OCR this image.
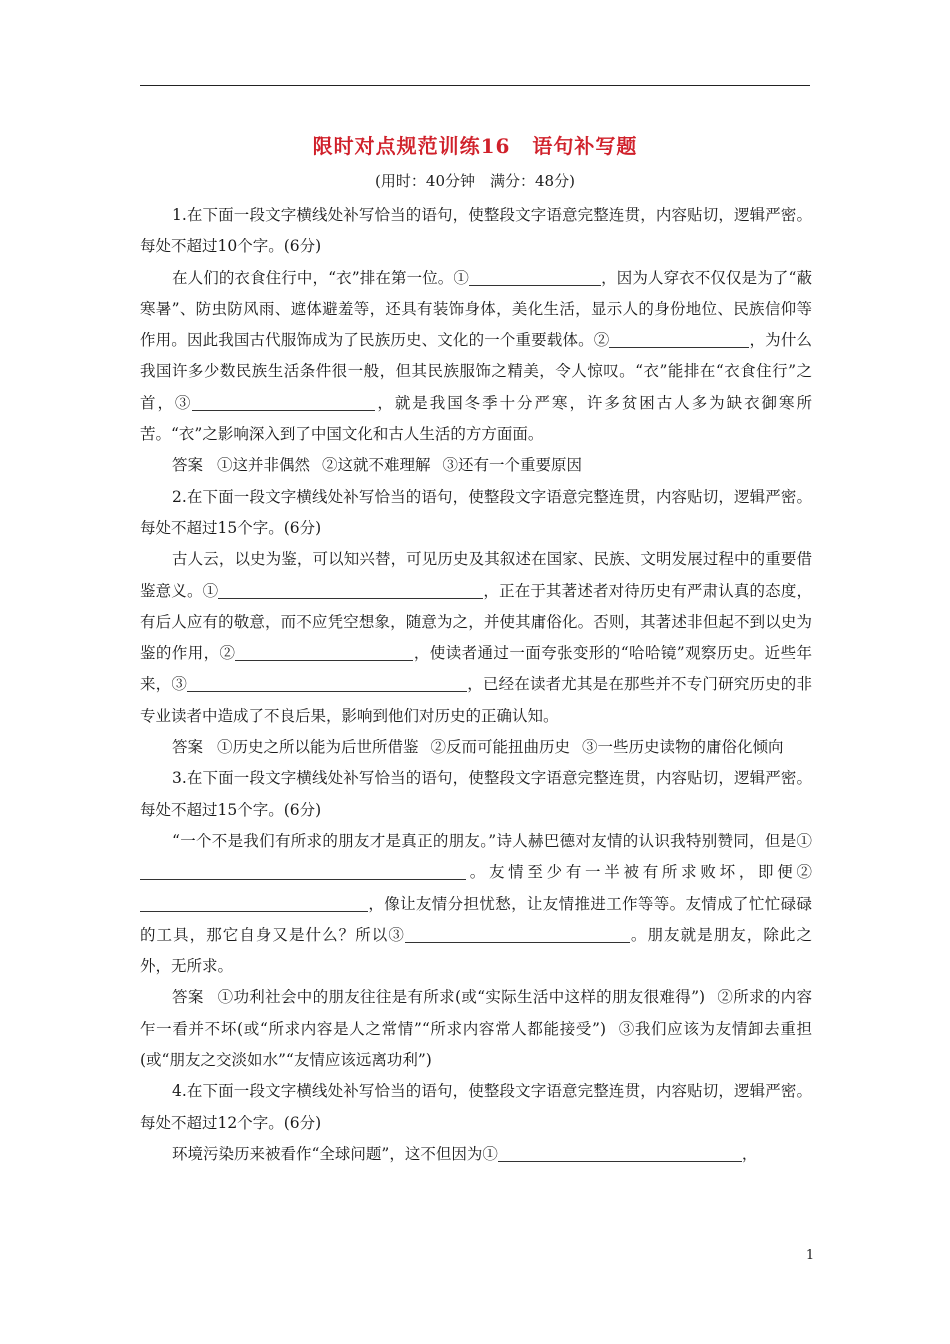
限时对点规范训练16 语句补写题
(用时：40分钟　满分：48分)

1.在下面一段文字横线处补写恰当的语句，使整段文字语意完整连贯，内容贴切，逻辑严密。每处不超过10个字。(6分)

在人们的衣食住行中，“衣”排在第一位。①	，因为人穿衣不仅仅是为了“蔽寒暑”、防虫防风雨、遮体避羞等，还具有装饰身体，美化生活，显示人的身份地位、民族信仰等作用。因此我国古代服饰成为了民族历史、文化的一个重要载体。②	，为什么我国许多少数民族生活条件很一般，但其民族服饰之精美，令人惊叹。“衣”能排在“衣食住行”之首，③	，就是我国冬季十分严寒，许多贫困古人多为缺衣御寒所苦。“衣”之影响深入到了中国文化和古人生活的方方面面。

答案 ①这并非偶然 ②这就不难理解 ③还有一个重要原因

2.在下面一段文字横线处补写恰当的语句，使整段文字语意完整连贯，内容贴切，逻辑严密。每处不超过15个字。(6分)

古人云，以史为鉴，可以知兴替，可见历史及其叙述在国家、民族、文明发展过程中的重要借鉴意义。①	，正在于其著述者对待历史有严肃认真的态度，有后人应有的敬意，而不应凭空想象，随意为之，并使其庸俗化。否则，其著述非但起不到以史为鉴的作用，②	，使读者通过一面夸张变形的“哈哈镜”观察历史。近些年来，③	，已经在读者尤其是在那些并不专门研究历史的非专业读者中造成了不良后果，影响到他们对历史的正确认知。

答案 ①历史之所以能为后世所借鉴 ②反而可能扭曲历史 ③一些历史读物的庸俗化倾向

3.在下面一段文字横线处补写恰当的语句，使整段文字语意完整连贯，内容贴切，逻辑严密。每处不超过15个字。(6分)

“一个不是我们有所求的朋友才是真正的朋友。”诗人赫巴德对友情的认识我特别赞同，但是①。友情至少有一半被有所求败坏，即便②，像让友情分担忧愁，让友情推进工作等等。友情成了忙忙碌碌的工具，那它自身又是什么？所以③	。朋友就是朋友，除此之外，无所求。

答案 ①功利社会中的朋友往往是有所求(或“实际生活中这样的朋友很难得”) ②所求的内容乍一看并不坏(或“所求内容是人之常情”“所求内容常人都能接受”) ③我们应该为友情卸去重担(或“朋友之交淡如水”“友情应该远离功利”)

4.在下面一段文字横线处补写恰当的语句，使整段文字语意完整连贯，内容贴切，逻辑严密。每处不超过12个字。(6分)

环境污染历来被看作“全球问题”，这不但因为①	，

1
